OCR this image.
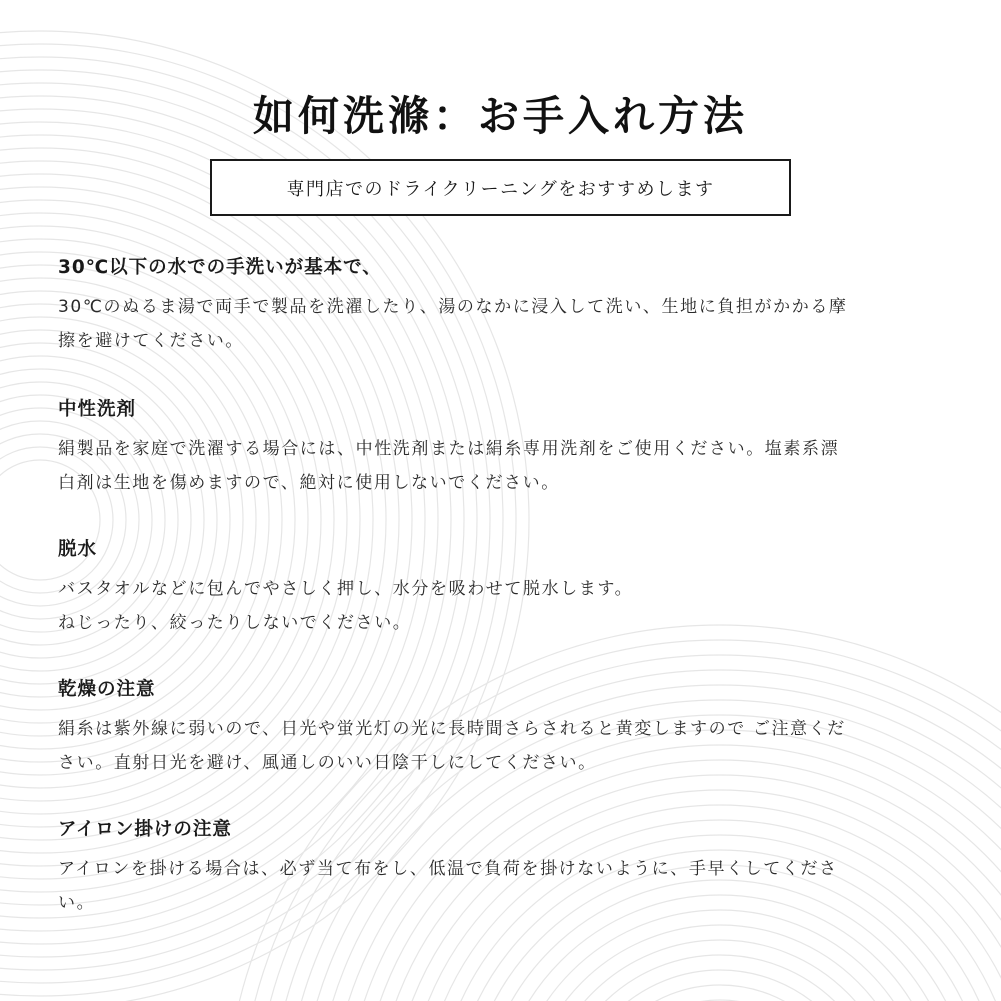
如何洗滌：お手入れ方法
専門店でのドライクリーニングをおすすめします
30℃以下の水での手洗いが基本で、
30℃のぬるま湯で両手で製品を洗濯したり、湯のなかに浸入して洗い、生地に負担がかかる摩
擦を避けてください。
中性洗剤
絹製品を家庭で洗濯する場合には、中性洗剤または絹糸専用洗剤をご使用ください。塩素系漂
白剤は生地を傷めますので、絶対に使用しないでください。
脱水
バスタオルなどに包んでやさしく押し、水分を吸わせて脱水します。
ねじったり、絞ったりしないでください。
乾燥の注意
絹糸は紫外線に弱いので、日光や蛍光灯の光に長時間さらされると黄変しますので ご注意くだ
さい。直射日光を避け、風通しのいい日陰干しにしてください。
アイロン掛けの注意
アイロンを掛ける場合は、必ず当て布をし、低温で負荷を掛けないように、手早くしてくださ
い。
